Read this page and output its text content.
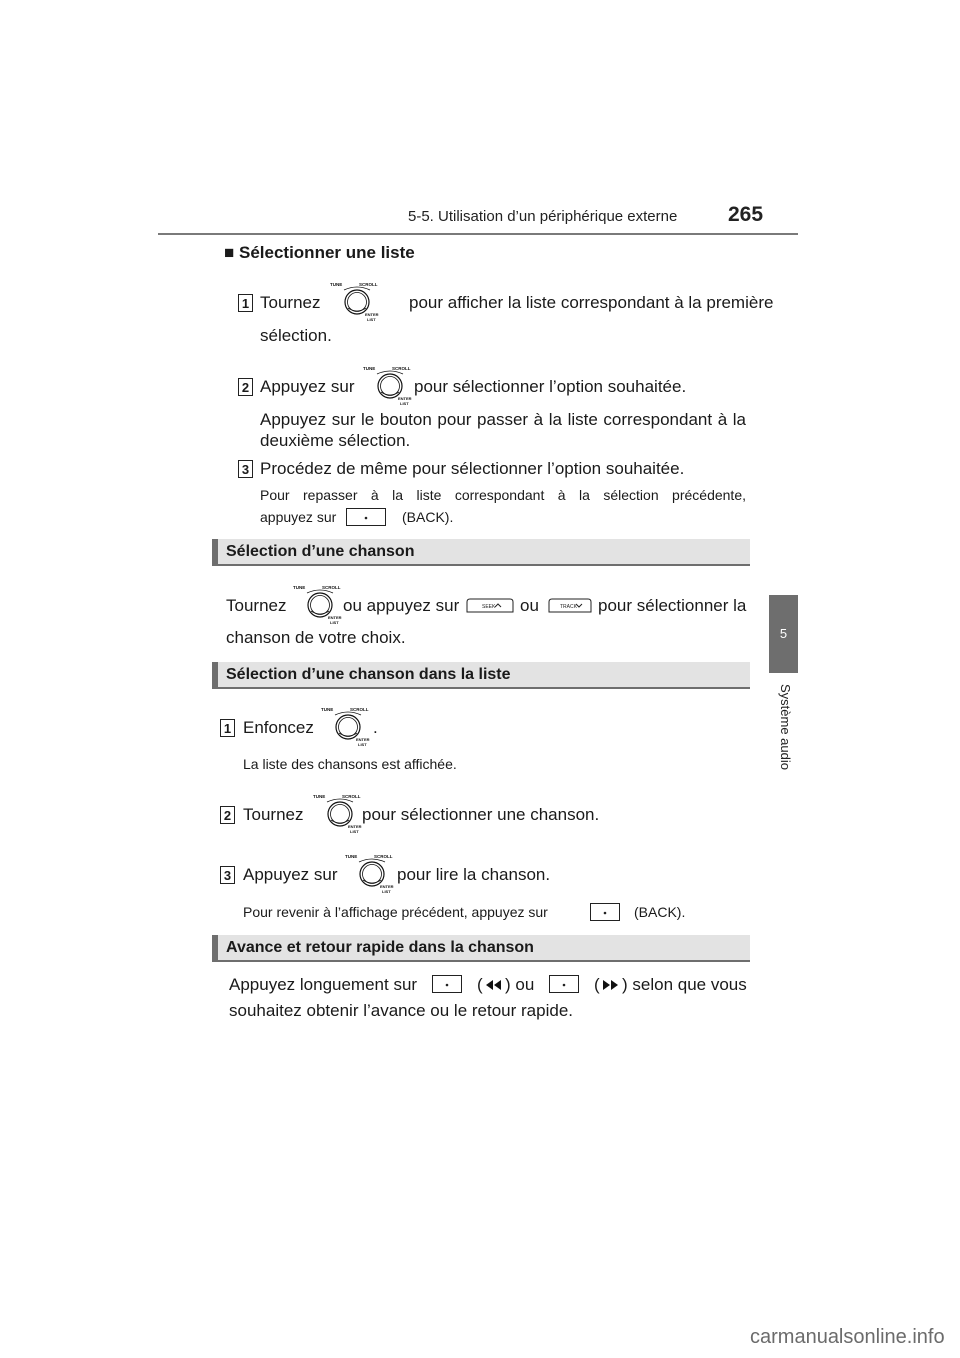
5-5. Utilisation d’un périphérique externe 265
5
Système audio
■ Sélectionner une liste
1 Tournez
TUNE	SCROLL
ENTER
LIST
pour afficher la liste correspondant à la première
sélection.
2 Appuyez sur
TUNE	SCROLL
ENTER
LIST
pour sélectionner l’option souhaitée.
Appuyez sur le bouton pour passer à la liste correspondant à la
deuxième sélection.
3 Procédez de même pour sélectionner l’option souhaitée.
Pour repasser à la liste correspondant à la sélection précédente,
appuyez sur	(BACK).
Sélection d’une chanson
Tournez
TUNE	SCROLL
ENTER
LIST
ou appuyez sur	SEEK ou	TRACK pour sélectionner la
chanson de votre choix.
Sélection d’une chanson dans la liste
1 Enfoncez
TUNE	SCROLL
ENTER
LIST
.
La liste des chansons est affichée.
2 Tournez
TUNE	SCROLL
ENTER
LIST
pour sélectionner une chanson.
3 Appuyez sur
TUNE	SCROLL
ENTER
LIST
pour lire la chanson.
Pour revenir à l’affichage précédent, appuyez sur	(BACK).
Avance et retour rapide dans la chanson
Appuyez longuement sur	( ) ou	( ) selon que vous
souhaitez obtenir l’avance ou le retour rapide.
carmanualsonline.info
